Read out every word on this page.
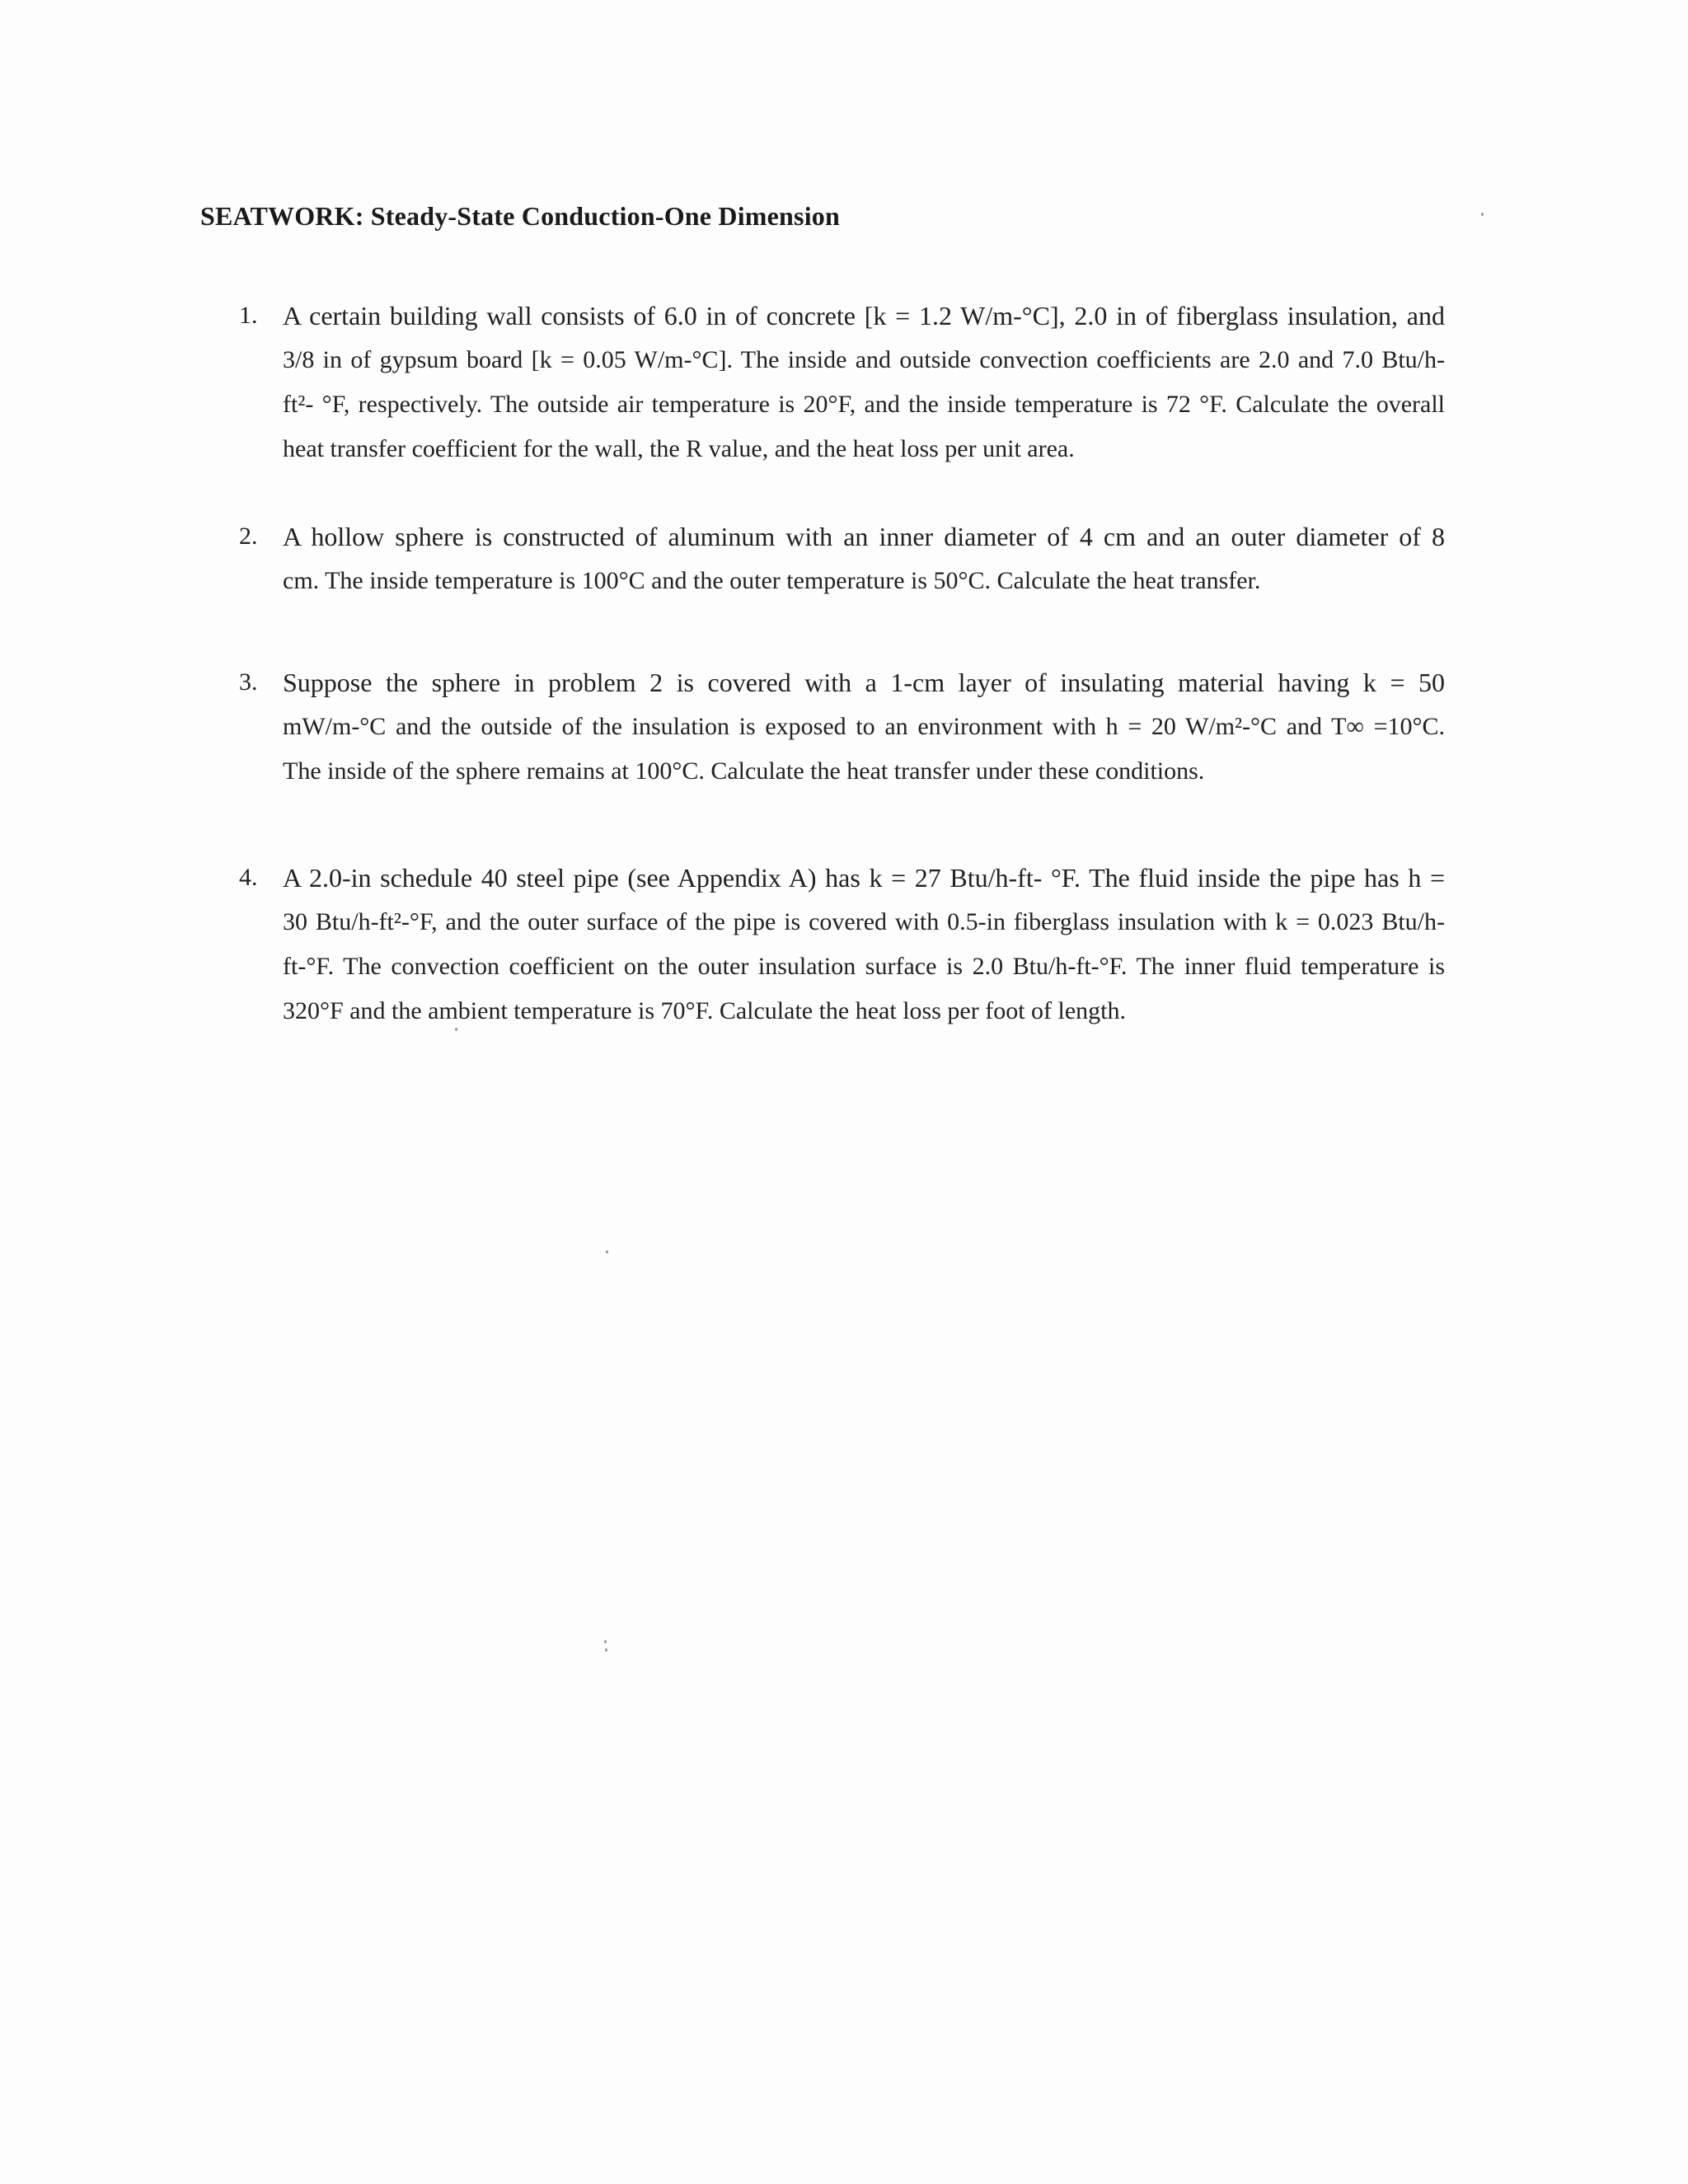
SEATWORK: Steady-State Conduction-One Dimension
1. A certain building wall consists of 6.0 in of concrete [k = 1.2 W/m-°C], 2.0 in of fiberglass insulation, and
3/8 in of gypsum board [k = 0.05 W/m-°C]. The inside and outside convection coefficients are 2.0 and 7.0 Btu/h-
ft²- °F, respectively. The outside air temperature is 20°F, and the inside temperature is 72 °F. Calculate the overall
heat transfer coefficient for the wall, the R value, and the heat loss per unit area.
2. A hollow sphere is constructed of aluminum with an inner diameter of 4 cm and an outer diameter of 8
cm. The inside temperature is 100°C and the outer temperature is 50°C. Calculate the heat transfer.
3. Suppose the sphere in problem 2 is covered with a 1-cm layer of insulating material having k = 50
mW/m-°C and the outside of the insulation is exposed to an environment with h = 20 W/m²-°C and T∞ =10°C.
The inside of the sphere remains at 100°C. Calculate the heat transfer under these conditions.
4. A 2.0-in schedule 40 steel pipe (see Appendix A) has k = 27 Btu/h-ft- °F. The fluid inside the pipe has h =
30 Btu/h-ft²-°F, and the outer surface of the pipe is covered with 0.5-in fiberglass insulation with k = 0.023 Btu/h-
ft-°F. The convection coefficient on the outer insulation surface is 2.0 Btu/h-ft-°F. The inner fluid temperature is
320°F and the ambient temperature is 70°F. Calculate the heat loss per foot of length.
